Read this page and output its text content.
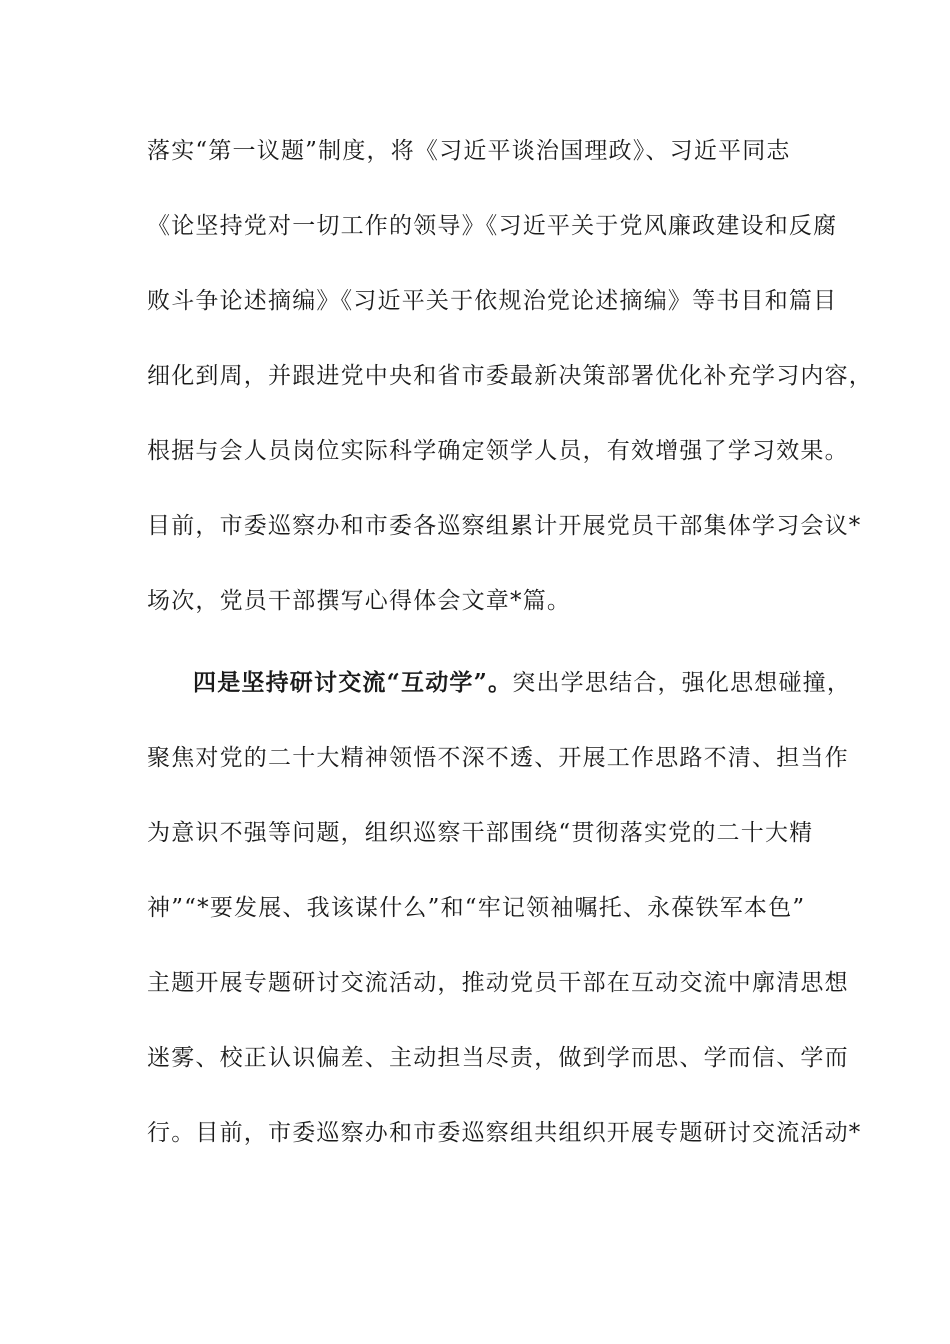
落实“第一议题”制度，将《习近平谈治国理政》、习近平同志
《论坚持党对一切工作的领导》《习近平关于党风廉政建设和反腐
败斗争论述摘编》《习近平关于依规治党论述摘编》等书目和篇目
细化到周，并跟进党中央和省市委最新决策部署优化补充学习内容，
根据与会人员岗位实际科学确定领学人员，有效增强了学习效果。
目前，市委巡察办和市委各巡察组累计开展党员干部集体学习会议*
场次，党员干部撰写心得体会文章*篇。
四是坚持研讨交流“互动学”。突出学思结合，强化思想碰撞，
聚焦对党的二十大精神领悟不深不透、开展工作思路不清、担当作
为意识不强等问题，组织巡察干部围绕“贯彻落实党的二十大精
神”“*要发展、我该谋什么”和“牢记领袖嘱托、永葆铁军本色”
主题开展专题研讨交流活动，推动党员干部在互动交流中廓清思想
迷雾、校正认识偏差、主动担当尽责，做到学而思、学而信、学而
行。目前，市委巡察办和市委巡察组共组织开展专题研讨交流活动*
